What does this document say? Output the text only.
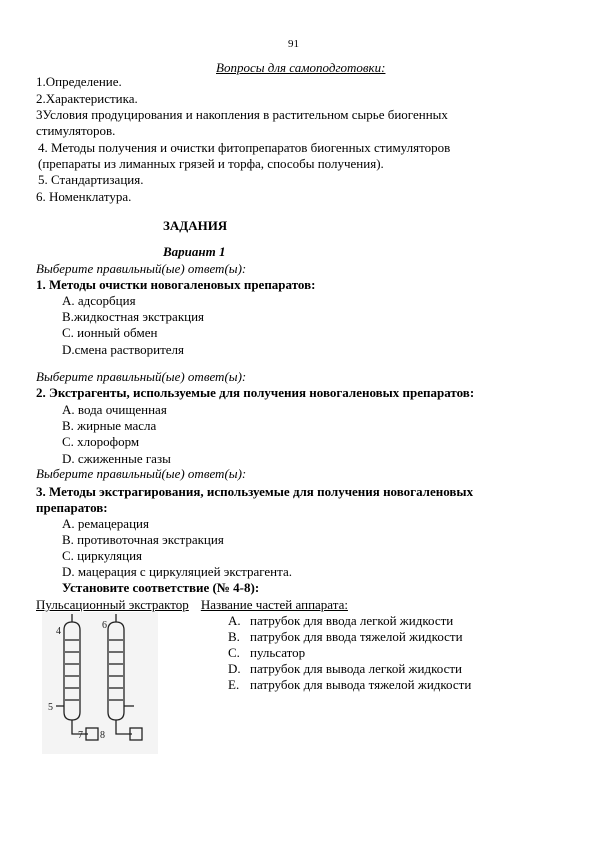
91
Вопросы для самоподготовки:
1.Определение.
2.Характеристика.
3Условия продуцирования и накопления в растительном сырье биогенных
стимуляторов.
4. Методы получения и очистки фитопрепаратов биогенных стимуляторов
(препараты из лиманных грязей и торфа, способы получения).
5. Стандартизация.
6. Номенклатура.
ЗАДАНИЯ
Вариант 1
Выберите правильный(ые) ответ(ы):
1. Методы очистки новогаленовых препаратов:
А. адсорбция
В.жидкостная экстракция
С. ионный обмен
D.смена растворителя
Выберите правильный(ые) ответ(ы):
2. Экстрагенты, используемые для получения новогаленовых препаратов:
А. вода очищенная
В. жирные масла
С. хлороформ
D. сжиженные газы
Выберите правильный(ые) ответ(ы):
3. Методы экстрагирования, используемые для получения новогаленовых
препаратов:
А. ремацерация
В. противоточная экстракция
С. циркуляция
D. мацерация с циркуляцией экстрагента.
Установите соответствие (№ 4-8):
Пульсационный экстрактор Название частей аппарата:
A. патрубок для ввода легкой жидкости
B. патрубок для ввода тяжелой жидкости
C. пульсатор
D. патрубок для вывода легкой жидкости
E. патрубок для вывода тяжелой жидкости
4
6
5
7 8
